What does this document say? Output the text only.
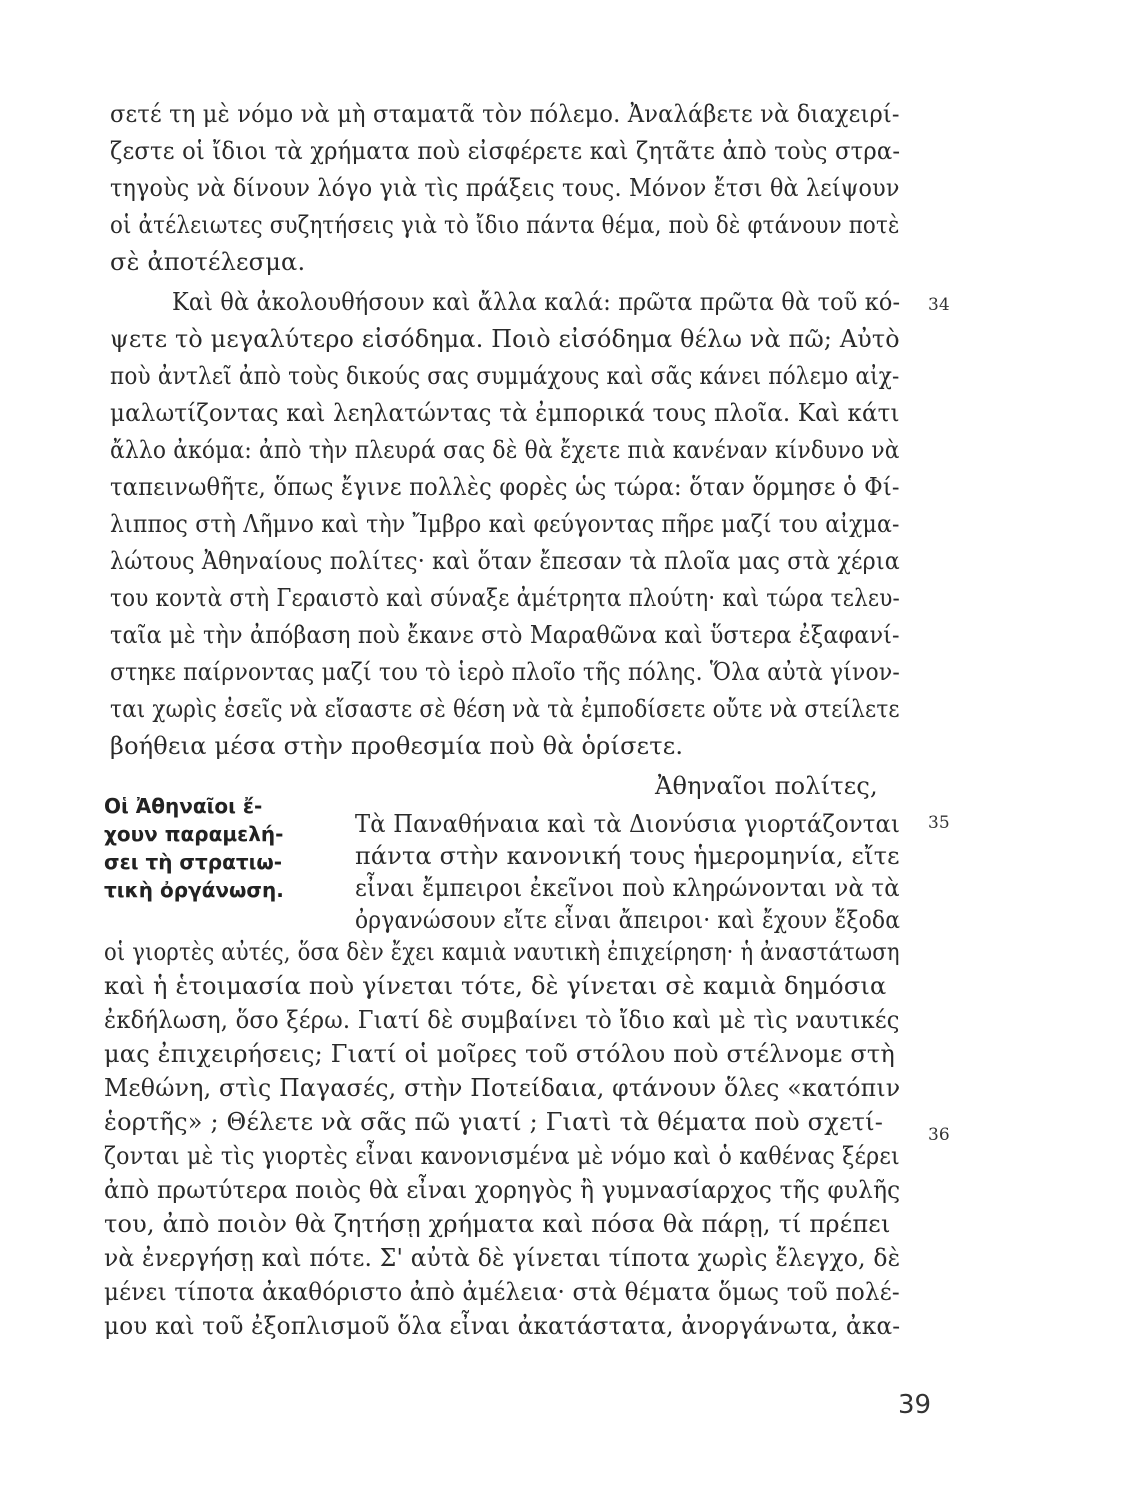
σετέ τη μὲ νόμο νὰ μὴ σταματᾶ τὸν πόλεμο. Ἀναλάβετε νὰ διαχειρί-
ζεστε οἱ ἴδιοι τὰ χρήματα ποὺ εἰσφέρετε καὶ ζητᾶτε ἀπὸ τοὺς στρα-
τηγοὺς νὰ δίνουν λόγο γιὰ τὶς πράξεις τους. Μόνον ἔτσι θὰ λείψουν
οἱ ἀτέλειωτες συζητήσεις γιὰ τὸ ἴδιο πάντα θέμα, ποὺ δὲ φτάνουν ποτὲ
σὲ ἀποτέλεσμα.
Καὶ θὰ ἀκολουθήσουν καὶ ἄλλα καλά: πρῶτα πρῶτα θὰ τοῦ κό- 34
ψετε τὸ μεγαλύτερο εἰσόδημα. Ποιὸ εἰσόδημα θέλω νὰ πῶ; Αὐτὸ
ποὺ ἀντλεῖ ἀπὸ τοὺς δικούς σας συμμάχους καὶ σᾶς κάνει πόλεμο αἰχ-
μαλωτίζοντας καὶ λεηλατώντας τὰ ἐμπορικά τους πλοῖα. Καὶ κάτι
ἄλλο ἀκόμα: ἀπὸ τὴν πλευρά σας δὲ θὰ ἔχετε πιὰ κανέναν κίνδυνο νὰ
ταπεινωθῆτε, ὅπως ἔγινε πολλὲς φορὲς ὡς τώρα: ὅταν ὅρμησε ὁ Φί-
λιππος στὴ Λῆμνο καὶ τὴν Ἴμβρο καὶ φεύγοντας πῆρε μαζί του αἰχμα-
λώτους Ἀθηναίους πολίτες· καὶ ὅταν ἔπεσαν τὰ πλοῖα μας στὰ χέρια
του κοντὰ στὴ Γεραιστὸ καὶ σύναξε ἀμέτρητα πλούτη· καὶ τώρα τελευ-
ταῖα μὲ τὴν ἀπόβαση ποὺ ἔκανε στὸ Μαραθῶνα καὶ ὕστερα ἐξαφανί-
στηκε παίρνοντας μαζί του τὸ ἱερὸ πλοῖο τῆς πόλης. Ὅλα αὐτὰ γίνον-
ται χωρὶς ἐσεῖς νὰ εἴσαστε σὲ θέση νὰ τὰ ἐμποδίσετε οὔτε νὰ στείλετε
βοήθεια μέσα στὴν προθεσμία ποὺ θὰ ὁρίσετε.
Ἀθηναῖοι πολίτες,
Οἱ Ἀθηναῖοι ἔ-
χουν παραμελή-
σει τὴ στρατιω-
τικὴ ὀργάνωση.
Τὰ Παναθήναια καὶ τὰ Διονύσια γιορτάζονται 35
πάντα στὴν κανονική τους ἡμερομηνία, εἴτε
εἶναι ἔμπειροι ἐκεῖνοι ποὺ κληρώνονται νὰ τὰ
ὀργανώσουν εἴτε εἶναι ἄπειροι· καὶ ἔχουν ἔξοδα
οἱ γιορτὲς αὐτές, ὅσα δὲν ἔχει καμιὰ ναυτικὴ ἐπιχείρηση· ἡ ἀναστάτωση
καὶ ἡ ἑτοιμασία ποὺ γίνεται τότε, δὲ γίνεται σὲ καμιὰ δημόσια
ἐκδήλωση, ὅσο ξέρω. Γιατί δὲ συμβαίνει τὸ ἴδιο καὶ μὲ τὶς ναυτικές
μας ἐπιχειρήσεις; Γιατί οἱ μοῖρες τοῦ στόλου ποὺ στέλνομε στὴ
Μεθώνη, στὶς Παγασές, στὴν Ποτείδαια, φτάνουν ὅλες «κατόπιν
ἑορτῆς» ; Θέλετε νὰ σᾶς πῶ γιατί ; Γιατὶ τὰ θέματα ποὺ σχετί-	36
ζονται μὲ τὶς γιορτὲς εἶναι κανονισμένα μὲ νόμο καὶ ὁ καθένας ξέρει
ἀπὸ πρωτύτερα ποιὸς θὰ εἶναι χορηγὸς ἢ γυμνασίαρχος τῆς φυλῆς
του, ἀπὸ ποιὸν θὰ ζητήσῃ χρήματα καὶ πόσα θὰ πάρῃ, τί πρέπει
νὰ ἐνεργήσῃ καὶ πότε. Σ' αὐτὰ δὲ γίνεται τίποτα χωρὶς ἔλεγχο, δὲ
μένει τίποτα ἀκαθόριστο ἀπὸ ἀμέλεια· στὰ θέματα ὅμως τοῦ πολέ-
μου καὶ τοῦ ἐξοπλισμοῦ ὅλα εἶναι ἀκατάστατα, ἀνοργάνωτα, ἀκα-
39
